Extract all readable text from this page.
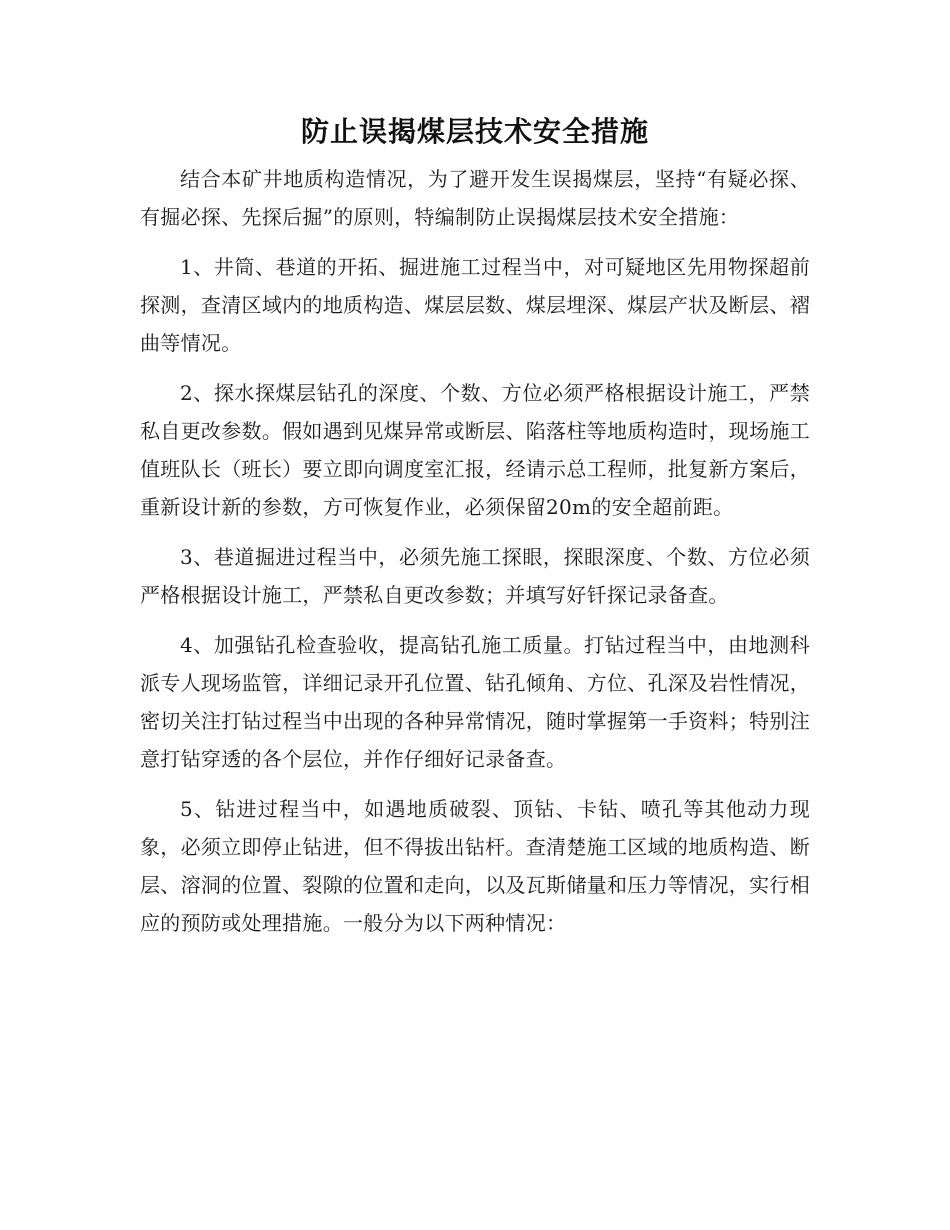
防止误揭煤层技术安全措施

结合本矿井地质构造情况，为了避开发生误揭煤层，坚持“有疑必探、有掘必探、先探后掘”的原则，特编制防止误揭煤层技术安全措施：

1、井筒、巷道的开拓、掘进施工过程当中，对可疑地区先用物探超前探测，查清区域内的地质构造、煤层层数、煤层埋深、煤层产状及断层、褶曲等情况。

2、探水探煤层钻孔的深度、个数、方位必须严格根据设计施工，严禁私自更改参数。假如遇到见煤异常或断层、陷落柱等地质构造时，现场施工值班队长（班长）要立即向调度室汇报，经请示总工程师，批复新方案后，重新设计新的参数，方可恢复作业，必须保留20m的安全超前距。

3、巷道掘进过程当中，必须先施工探眼，探眼深度、个数、方位必须严格根据设计施工，严禁私自更改参数；并填写好钎探记录备查。

4、加强钻孔检查验收，提高钻孔施工质量。打钻过程当中，由地测科派专人现场监管，详细记录开孔位置、钻孔倾角、方位、孔深及岩性情况，密切关注打钻过程当中出现的各种异常情况，随时掌握第一手资料；特别注意打钻穿透的各个层位，并作仔细好记录备查。

5、钻进过程当中，如遇地质破裂、顶钻、卡钻、喷孔等其他动力现象，必须立即停止钻进，但不得拔出钻杆。查清楚施工区域的地质构造、断层、溶洞的位置、裂隙的位置和走向，以及瓦斯储量和压力等情况，实行相应的预防或处理措施。一般分为以下两种情况：
